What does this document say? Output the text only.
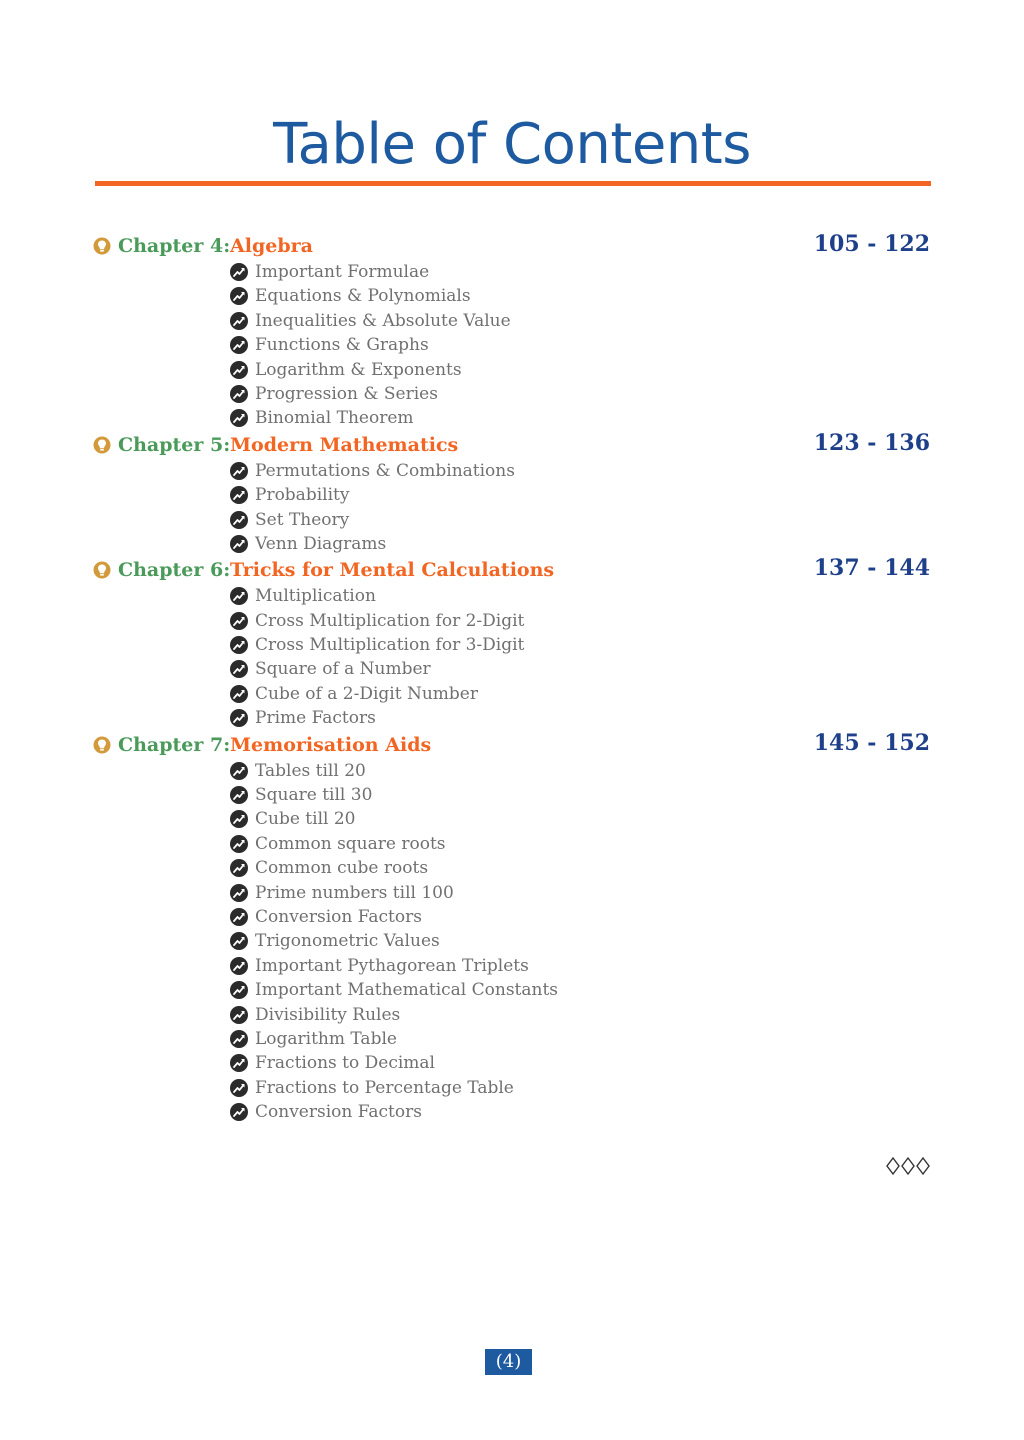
Table of Contents
Chapter 4: Algebra	105 - 122
Important Formulae
Equations & Polynomials
Inequalities & Absolute Value
Functions & Graphs
Logarithm & Exponents
Progression & Series
Binomial Theorem
Chapter 5: Modern Mathematics	123 - 136
Permutations & Combinations
Probability
Set Theory
Venn Diagrams
Chapter 6: Tricks for Mental Calculations	137 - 144
Multiplication
Cross Multiplication for 2-Digit
Cross Multiplication for 3-Digit
Square of a Number
Cube of a 2-Digit Number
Prime Factors
Chapter 7: Memorisation Aids	145 - 152
Tables till 20
Square till 30
Cube till 20
Common square roots
Common cube roots
Prime numbers till 100
Conversion Factors
Trigonometric Values
Important Pythagorean Triplets
Important Mathematical Constants
Divisibility Rules
Logarithm Table
Fractions to Decimal
Fractions to Percentage Table
Conversion Factors
(4)
